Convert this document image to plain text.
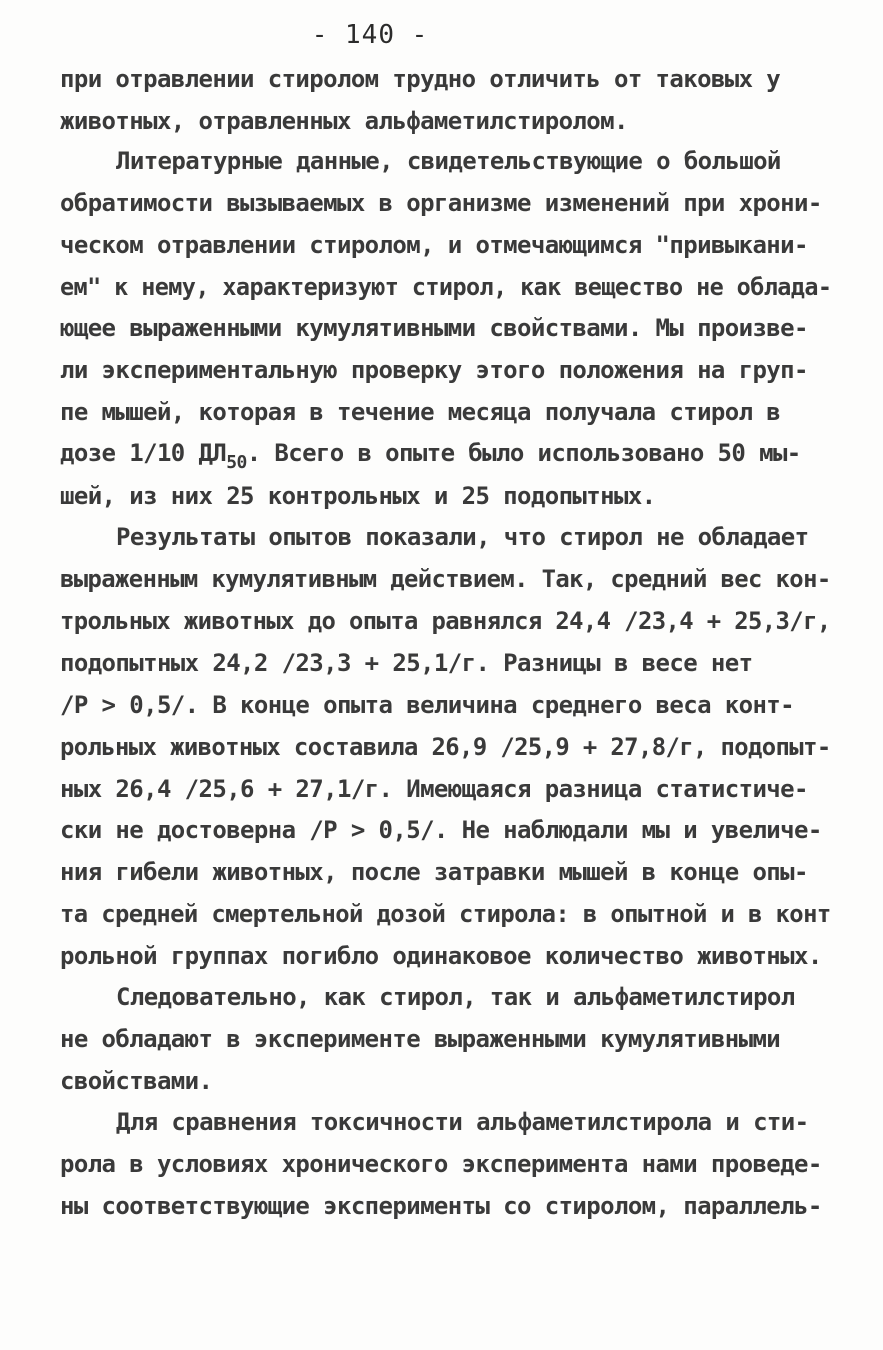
- 140 -
при отравлении стиролом трудно отличить от таковых у
животных, отравленных альфаметилстиролом.
Литературные данные, свидетельствующие о большой
обратимости вызываемых в организме изменений при хрони-
ческом отравлении стиролом, и отмечающимся "привыкани-
ем" к нему, характеризуют стирол, как вещество не облада-
ющее выраженными кумулятивными свойствами. Мы произве-
ли экспериментальную проверку этого положения на груп-
пе мышей, которая в течение месяца получала стирол в
дозе 1/10 $ДЛ_{50}$. Всего в опыте было использовано 50 мы-
шей, из них 25 контрольных и 25 подопытных.
Результаты опытов показали, что стирол не обладает
выраженным кумулятивным действием. Так, средний вес кон-
трольных животных до опыта равнялся 24,4 /23,4 + 25,3/г,
подопытных 24,2 /23,3 + 25,1/г. Разницы в весе нет
/Р > 0,5/. В конце опыта величина среднего веса конт-
рольных животных составила 26,9 /25,9 + 27,8/г, подопыт-
ных 26,4 /25,6 + 27,1/г. Имеющаяся разница статистиче-
ски не достоверна /Р > 0,5/. Не наблюдали мы и увеличе-
ния гибели животных, после затравки мышей в конце опы-
та средней смертельной дозой стирола: в опытной и в конт
рольной группах погибло одинаковое количество животных.
Следовательно, как стирол, так и альфаметилстирол
не обладают в эксперименте выраженными кумулятивными
свойствами.
Для сравнения токсичности альфаметилстирола и сти-
рола в условиях хронического эксперимента нами проведе-
ны соответствующие эксперименты со стиролом, параллель-
